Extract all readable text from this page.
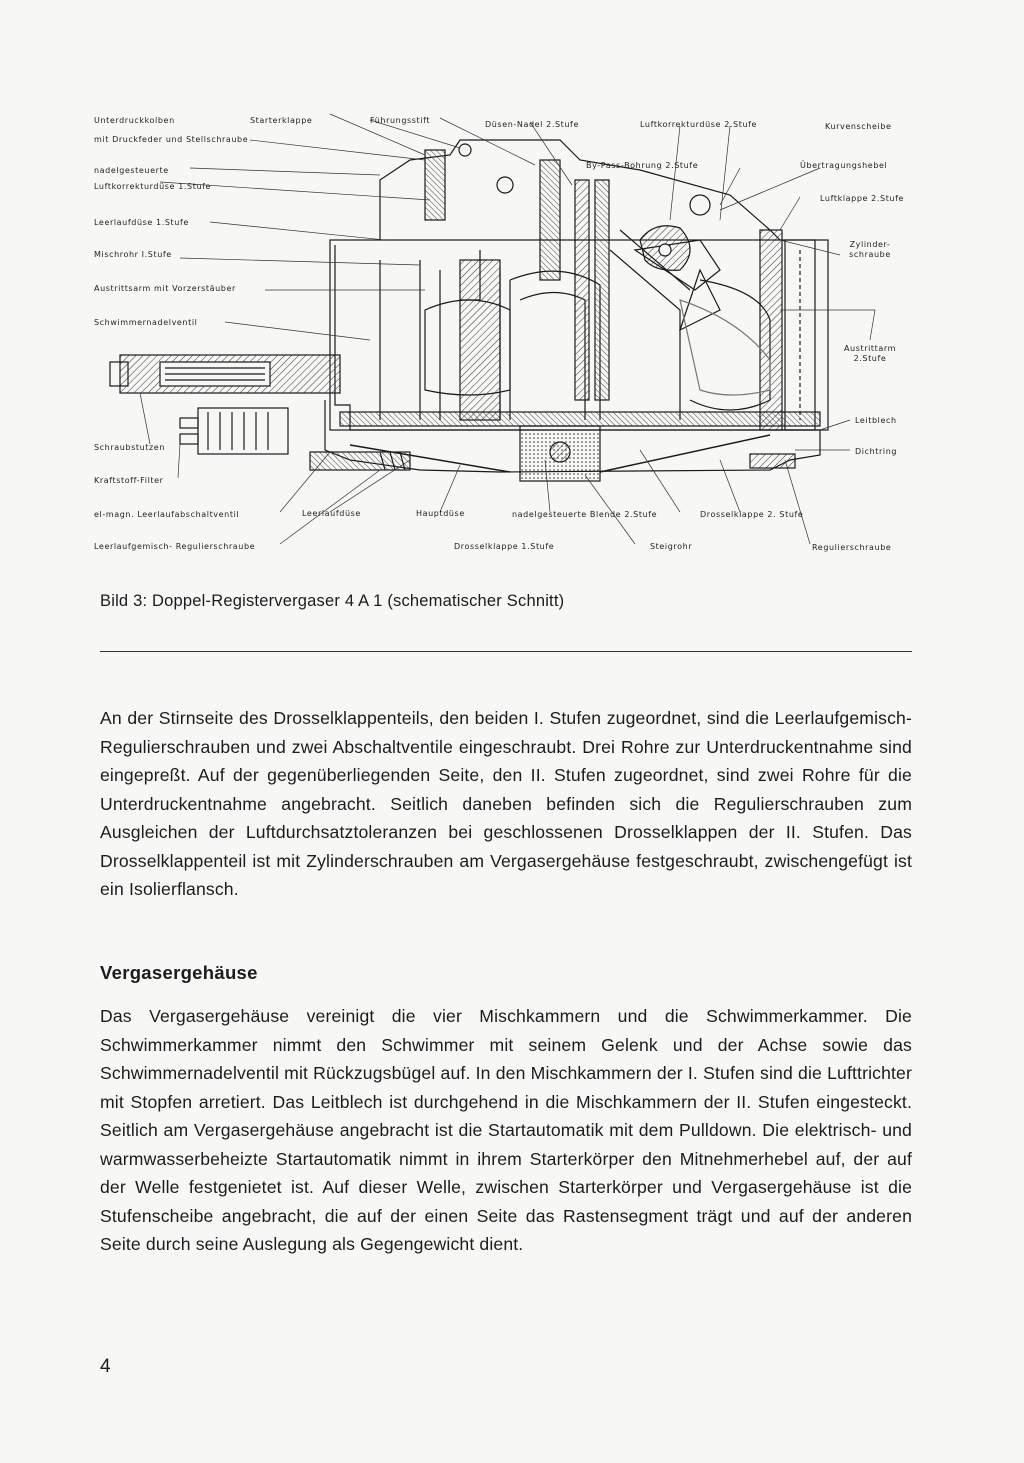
Unterdruckkolben
mit Druckfeder und Stellschraube
nadelgesteuerte
Luftkorrekturdüse 1.Stufe
Leerlaufdüse 1.Stufe
Mischrohr I.Stufe
Austrittsarm mit Vorzerstäuber
Schwimmernadelventil
Schraubstutzen
Kraftstoff-Filter
el-magn. Leerlaufabschaltventil
Leerlaufgemisch- Regulierschraube
Starterklappe	Führungsstift	Düsen-Nadel 2.Stufe	Luftkorrekturdüse 2.Stufe	Kurvenscheibe
By-Pass-Bohrung 2.Stufe	Übertragungshebel
Luftklappe 2.Stufe
Zylinder-
schraube
Austrittarm
2.Stufe
Leitblech
Dichtring
Leerlaufdüse	Hauptdüse	nadelgesteuerte Blende 2.Stufe	Drosselklappe 2. Stufe
Drosselklappe 1.Stufe	Steigrohr	Regulierschraube
Bild 3: Doppel-Registervergaser 4 A 1 (schematischer Schnitt)
An der Stirnseite des Drosselklappenteils, den beiden I. Stufen zugeordnet, sind die Leerlaufgemisch-Regulierschrauben und zwei Abschaltventile eingeschraubt. Drei Rohre zur Unterdruckentnahme sind eingepreßt. Auf der gegenüberliegenden Seite, den II. Stufen zugeordnet, sind zwei Rohre für die Unterdruckentnahme angebracht. Seitlich daneben befinden sich die Regulierschrauben zum Ausgleichen der Luftdurchsatztoleranzen bei geschlossenen Drosselklappen der II. Stufen. Das Drosselklappenteil ist mit Zylinderschrauben am Vergasergehäuse festgeschraubt, zwischengefügt ist ein Isolierflansch.
Vergasergehäuse
Das Vergasergehäuse vereinigt die vier Mischkammern und die Schwimmerkammer. Die Schwimmerkammer nimmt den Schwimmer mit seinem Gelenk und der Achse sowie das Schwimmernadelventil mit Rückzugsbügel auf. In den Mischkammern der I. Stufen sind die Lufttrichter mit Stopfen arretiert. Das Leitblech ist durchgehend in die Mischkammern der II. Stufen eingesteckt. Seitlich am Vergasergehäuse angebracht ist die Startautomatik mit dem Pulldown. Die elektrisch- und warmwasserbeheizte Startautomatik nimmt in ihrem Starterkörper den Mitnehmerhebel auf, der auf der Welle festgenietet ist. Auf dieser Welle, zwischen Starterkörper und Vergasergehäuse ist die Stufenscheibe angebracht, die auf der einen Seite das Rastensegment trägt und auf der anderen Seite durch seine Auslegung als Gegengewicht dient.
4
